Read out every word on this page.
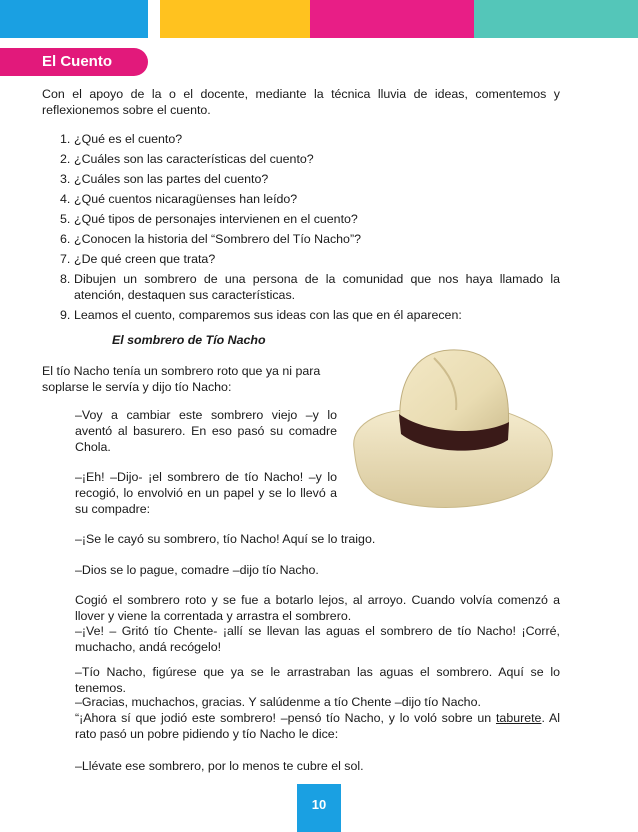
El Cuento

Con el apoyo de la o el docente, mediante la técnica lluvia de ideas, comentemos y reflexionemos sobre el cuento.

1. ¿Qué es el cuento?
2. ¿Cuáles son las características del cuento?
3. ¿Cuáles son las partes del cuento?
4. ¿Qué cuentos nicaragüenses han leído?
5. ¿Qué tipos de personajes intervienen en el cuento?
6. ¿Conocen la historia del “Sombrero del Tío Nacho”?
7. ¿De qué creen que trata?
8. Dibujen un sombrero de una persona de la comunidad que nos haya llamado la atención, destaquen sus características.
9. Leamos el cuento, comparemos sus ideas con las que en él aparecen:
El sombrero de Tío Nacho

El tío Nacho tenía un sombrero roto que ya ni para soplarse le servía y dijo tío Nacho:

–Voy a cambiar este sombrero viejo –y lo aventó al basurero. En eso pasó su comadre Chola.

–¡Eh! –Dijo- ¡el sombrero de tío Nacho! –y lo recogió, lo envolvió en un papel y se lo llevó a su compadre:

–¡Se le cayó su sombrero, tío Nacho! Aquí se lo traigo.

–Dios se lo pague, comadre –dijo tío Nacho.

Cogió el sombrero roto y se fue a botarlo lejos, al arroyo. Cuando volvía comenzó a llover y viene la correntada y arrastra el sombrero.

–¡Ve! – Gritó tío Chente- ¡allí se llevan las aguas el sombrero de tío Nacho! ¡Corré, muchacho, andá recógelo!

–Tío Nacho, figúrese que ya se le arrastraban las aguas el sombrero. Aquí se lo tenemos.

–Gracias, muchachos, gracias. Y salúdenme a tío Chente –dijo tío Nacho.

“¡Ahora sí que jodió este sombrero! –pensó tío Nacho, y lo voló sobre un taburete. Al rato pasó un pobre pidiendo y tío Nacho le dice:

–Llévate ese sombrero, por lo menos te cubre el sol.

10
